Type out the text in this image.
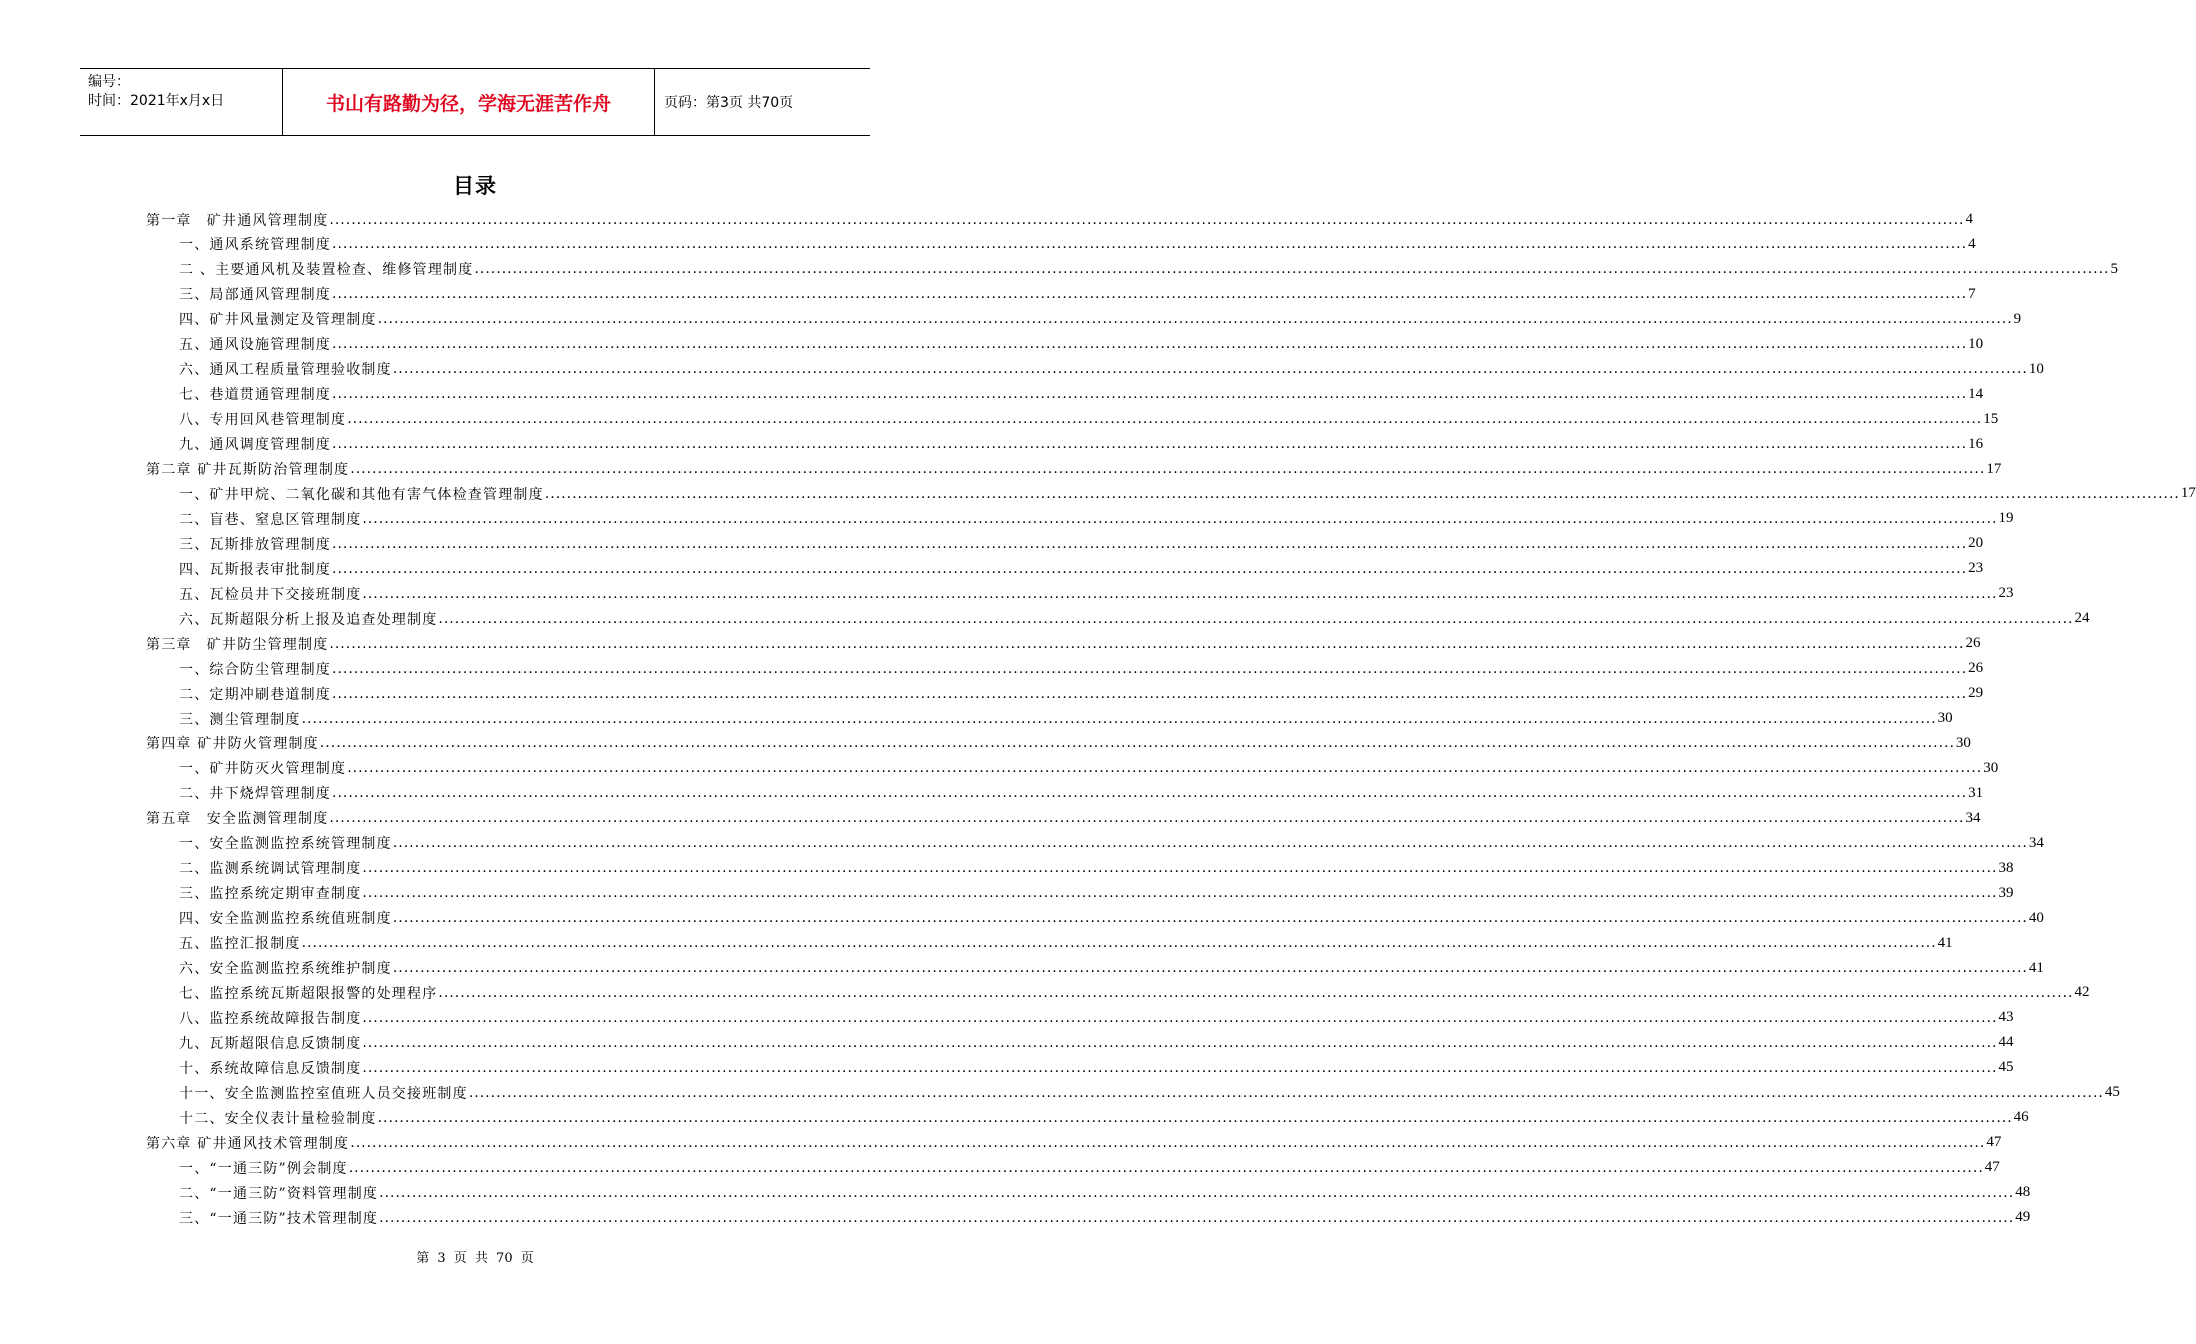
编号：
时间：2021年x月x日	书山有路勤为径，学海无涯苦作舟	页码：第3页 共70页
目录
第一章　矿井通风管理制度 ............................................................................................................................................................................................................................................................................................................ 4
一、通风系统管理制度 ............................................................................................................................................................................................................................................................................................................ 4
二 、主要通风机及装置检查、维修管理制度 ............................................................................................................................................................................................................................................................................................................ 5
三、局部通风管理制度 ............................................................................................................................................................................................................................................................................................................ 7
四、矿井风量测定及管理制度 ............................................................................................................................................................................................................................................................................................................ 9
五、通风设施管理制度 ............................................................................................................................................................................................................................................................................................................ 10
六、通风工程质量管理验收制度 ............................................................................................................................................................................................................................................................................................................ 10
七、巷道贯通管理制度 ............................................................................................................................................................................................................................................................................................................ 14
八、专用回风巷管理制度 ............................................................................................................................................................................................................................................................................................................ 15
九、通风调度管理制度 ............................................................................................................................................................................................................................................................................................................ 16
第二章 矿井瓦斯防治管理制度 ............................................................................................................................................................................................................................................................................................................ 17
一、矿井甲烷、二氧化碳和其他有害气体检查管理制度 ............................................................................................................................................................................................................................................................................................................ 17
二、盲巷、窒息区管理制度 ............................................................................................................................................................................................................................................................................................................ 19
三、瓦斯排放管理制度 ............................................................................................................................................................................................................................................................................................................ 20
四、瓦斯报表审批制度 ............................................................................................................................................................................................................................................................................................................ 23
五、瓦检员井下交接班制度 ............................................................................................................................................................................................................................................................................................................ 23
六、瓦斯超限分析上报及追查处理制度 ............................................................................................................................................................................................................................................................................................................ 24
第三章　矿井防尘管理制度 ............................................................................................................................................................................................................................................................................................................ 26
一、综合防尘管理制度 ............................................................................................................................................................................................................................................................................................................ 26
二、定期冲刷巷道制度 ............................................................................................................................................................................................................................................................................................................ 29
三、测尘管理制度 ............................................................................................................................................................................................................................................................................................................ 30
第四章 矿井防火管理制度 ............................................................................................................................................................................................................................................................................................................ 30
一、矿井防灭火管理制度 ............................................................................................................................................................................................................................................................................................................ 30
二、井下烧焊管理制度 ............................................................................................................................................................................................................................................................................................................ 31
第五章　安全监测管理制度 ............................................................................................................................................................................................................................................................................................................ 34
一、安全监测监控系统管理制度 ............................................................................................................................................................................................................................................................................................................ 34
二、监测系统调试管理制度 ............................................................................................................................................................................................................................................................................................................ 38
三、监控系统定期审查制度 ............................................................................................................................................................................................................................................................................................................ 39
四、安全监测监控系统值班制度 ............................................................................................................................................................................................................................................................................................................ 40
五、监控汇报制度 ............................................................................................................................................................................................................................................................................................................ 41
六、安全监测监控系统维护制度 ............................................................................................................................................................................................................................................................................................................ 41
七、监控系统瓦斯超限报警的处理程序 ............................................................................................................................................................................................................................................................................................................ 42
八、监控系统故障报告制度 ............................................................................................................................................................................................................................................................................................................ 43
九、瓦斯超限信息反馈制度 ............................................................................................................................................................................................................................................................................................................ 44
十、系统故障信息反馈制度 ............................................................................................................................................................................................................................................................................................................ 45
十一、安全监测监控室值班人员交接班制度 ............................................................................................................................................................................................................................................................................................................ 45
十二、安全仪表计量检验制度 ............................................................................................................................................................................................................................................................................................................ 46
第六章 矿井通风技术管理制度 ............................................................................................................................................................................................................................................................................................................ 47
一、“一通三防”例会制度 ............................................................................................................................................................................................................................................................................................................ 47
二、“一通三防”资料管理制度 ............................................................................................................................................................................................................................................................................................................ 48
三、“一通三防”技术管理制度 ............................................................................................................................................................................................................................................................................................................ 49
第 3 页 共 70 页
